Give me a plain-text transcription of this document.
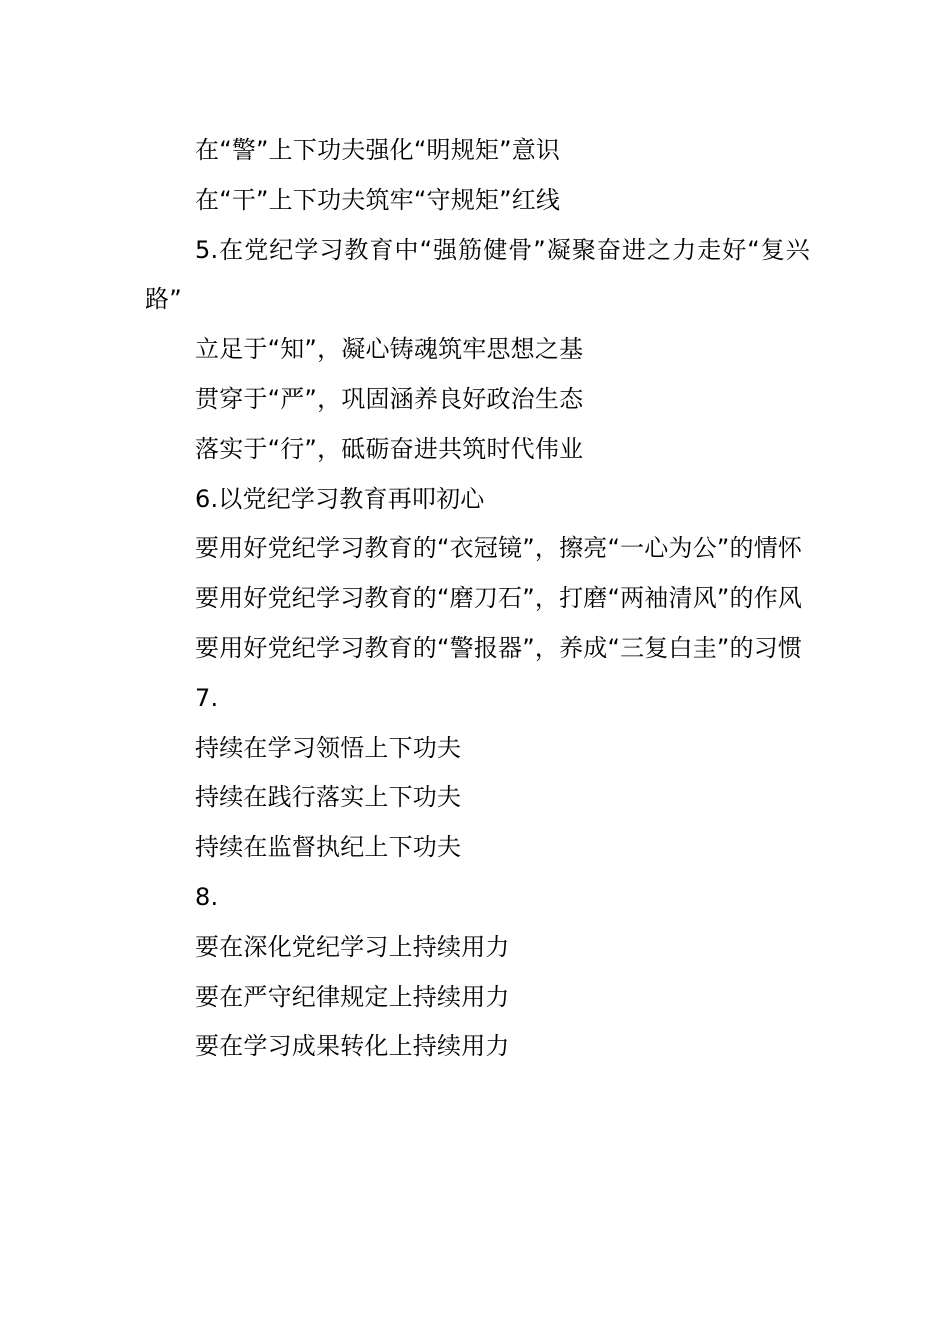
在“警”上下功夫强化“明规矩”意识

在“干”上下功夫筑牢“守规矩”红线

5.在党纪学习教育中“强筋健骨”凝聚奋进之力走好“复兴路”

立足于“知”，凝心铸魂筑牢思想之基

贯穿于“严”，巩固涵养良好政治生态

落实于“行”，砥砺奋进共筑时代伟业

6.以党纪学习教育再叩初心

要用好党纪学习教育的“衣冠镜”，擦亮“一心为公”的情怀

要用好党纪学习教育的“磨刀石”，打磨“两袖清风”的作风

要用好党纪学习教育的“警报器”，养成“三复白圭”的习惯

7.

持续在学习领悟上下功夫

持续在践行落实上下功夫

持续在监督执纪上下功夫

8.

要在深化党纪学习上持续用力

要在严守纪律规定上持续用力

要在学习成果转化上持续用力
